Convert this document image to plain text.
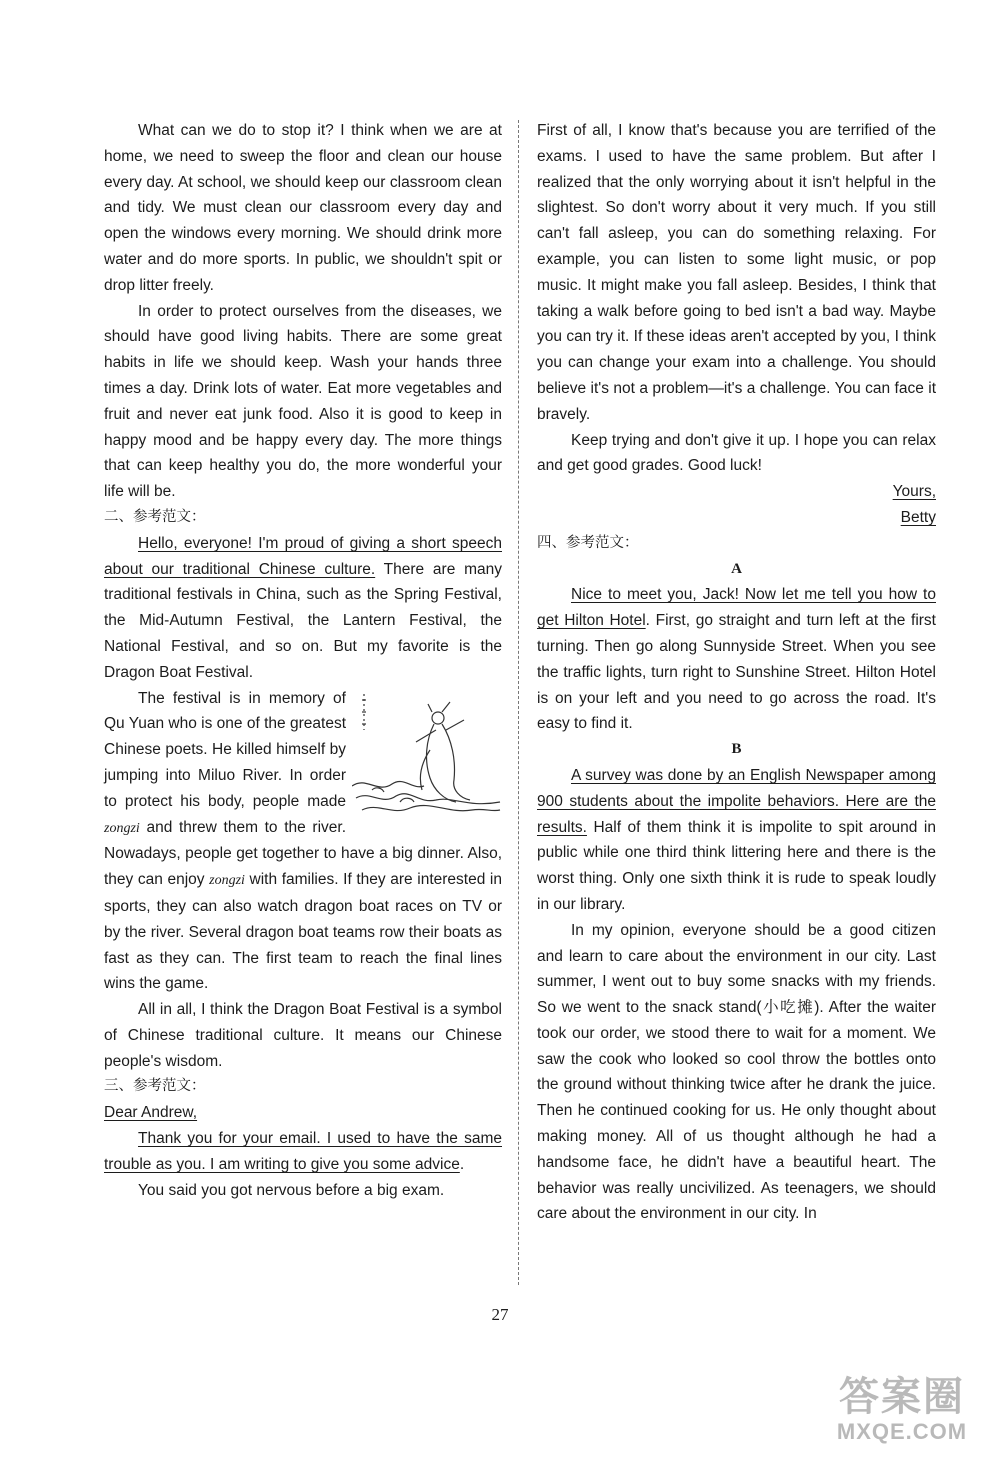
What can we do to stop it? I think when we are at home, we need to sweep the floor and clean our house every day. At school, we should keep our classroom clean and tidy. We must clean our classroom every day and open the windows every morning. We should drink more water and do more sports. In public, we shouldn't spit or drop litter freely.

In order to protect ourselves from the diseases, we should have good living habits. There are some great habits in life we should keep. Wash your hands three times a day. Drink lots of water. Eat more vegetables and fruit and never eat junk food. Also it is good to keep in happy mood and be happy every day. The more things that can keep healthy you do, the more wonderful your life will be.

二、参考范文：

Hello, everyone! I'm proud of giving a short speech about our traditional Chinese culture. There are many traditional festivals in China, such as the Spring Festival, the Mid-Autumn Festival, the Lantern Festival, the National Festival, and so on. But my favorite is the Dragon Boat Festival.

The festival is in memory of Qu Yuan who is one of the greatest Chinese poets. He killed himself by jumping into Miluo River. In order to protect his body, people made zongzi and threw them to the river. Nowadays, people get together to have a big dinner. Also, they can enjoy zongzi with families. If they are interested in sports, they can also watch dragon boat races on TV or by the river. Several dragon boat teams row their boats as fast as they can. The first team to reach the final lines wins the game.

All in all, I think the Dragon Boat Festival is a symbol of Chinese traditional culture. It means our Chinese people's wisdom.

三、参考范文：

Dear Andrew,

Thank you for your email. I used to have the same trouble as you. I am writing to give you some advice.

You said you got nervous before a big exam.

First of all, I know that's because you are terrified of the exams. I used to have the same problem. But after I realized that the only worrying about it isn't helpful in the slightest. So don't worry about it very much. If you still can't fall asleep, you can do something relaxing. For example, you can listen to some light music, or pop music. It might make you fall asleep. Besides, I think that taking a walk before going to bed isn't a bad way. Maybe you can try it. If these ideas aren't accepted by you, I think you can change your exam into a challenge. You should believe it's not a problem—it's a challenge. You can face it bravely.

Keep trying and don't give it up. I hope you can relax and get good grades. Good luck!

Yours,

Betty

四、参考范文：

A

Nice to meet you, Jack! Now let me tell you how to get Hilton Hotel. First, go straight and turn left at the first turning. Then go along Sunnyside Street. When you see the traffic lights, turn right to Sunshine Street. Hilton Hotel is on your left and you need to go across the road. It's easy to find it.

B

A survey was done by an English Newspaper among 900 students about the impolite behaviors. Here are the results. Half of them think it is impolite to spit around in public while one third think littering here and there is the worst thing. Only one sixth think it is rude to speak loudly in our library.

In my opinion, everyone should be a good citizen and learn to care about the environment in our city. Last summer, I went out to buy some snacks with my friends. So we went to the snack stand(小吃摊). After the waiter took our order, we stood there to wait for a moment. We saw the cook who looked so cool throw the bottles onto the ground without thinking twice after he drank the juice. Then he continued cooking for us. He only thought about making money. All of us thought although he had a handsome face, he didn't have a beautiful heart. The behavior was really uncivilized. As teenagers, we should care about the environment in our city. In

27
答案圈
MXQE.COM
